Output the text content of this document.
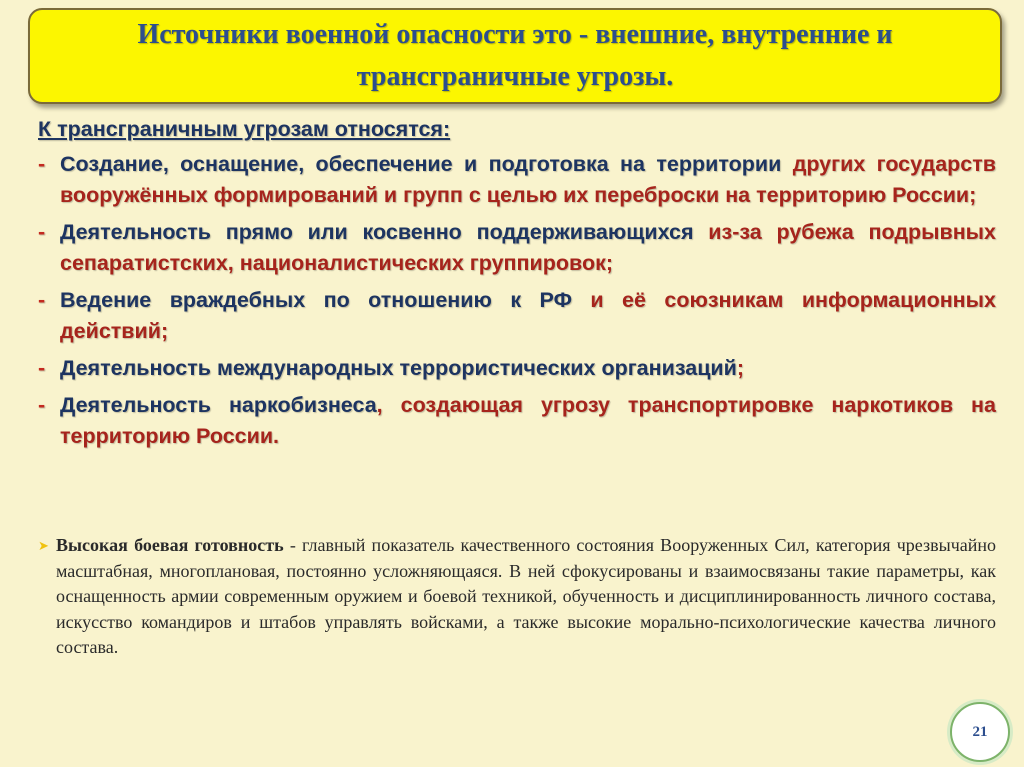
Источники военной опасности это - внешние, внутренние и трансграничные угрозы.
К трансграничным угрозам относятся:
- Создание, оснащение, обеспечение и подготовка на территории других государств вооружённых формирований и групп с целью их переброски на территорию России;
- Деятельность прямо или косвенно поддерживающихся из-за рубежа подрывных сепаратистских, националистических группировок;
- Ведение враждебных по отношению к РФ и её союзникам информационных действий;
- Деятельность международных террористических организаций;
- Деятельность наркобизнеса, создающая угрозу транспортировке наркотиков на территорию России.
➤ Высокая боевая готовность - главный показатель качественного состояния Вооруженных Сил, категория чрезвычайно масштабная, многоплановая, постоянно усложняющаяся. В ней сфокусированы и взаимосвязаны такие параметры, как оснащенность армии современным оружием и боевой техникой, обученность и дисциплинированность личного состава, искусство командиров и штабов управлять войсками, а также высокие морально-психологические качества личного состава.
21
